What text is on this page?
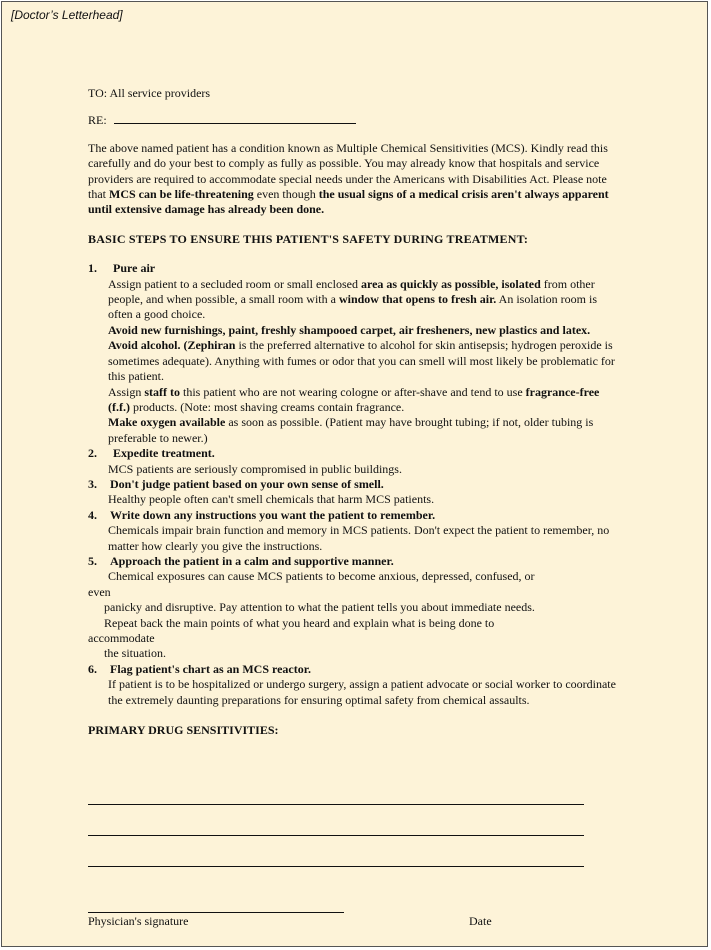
[Doctor’s Letterhead]

TO: All service providers

RE:

The above named patient has a condition known as Multiple Chemical Sensitivities (MCS). Kindly read this carefully and do your best to comply as fully as possible. You may already know that hospitals and service providers are required to accommodate special needs under the Americans with Disabilities Act. Please note that MCS can be life-threatening even though the usual signs of a medical crisis aren't always apparent until extensive damage has already been done.

BASIC STEPS TO ENSURE THIS PATIENT'S SAFETY DURING TREATMENT:

1. Pure air

Assign patient to a secluded room or small enclosed area as quickly as possible, isolated from other people, and when possible, a small room with a window that opens to fresh air. An isolation room is often a good choice.

Avoid new furnishings, paint, freshly shampooed carpet, air fresheners, new plastics and latex. Avoid alcohol. (Zephiran is the preferred alternative to alcohol for skin antisepsis; hydrogen peroxide is sometimes adequate). Anything with fumes or odor that you can smell will most likely be problematic for this patient.

Assign staff to this patient who are not wearing cologne or after-shave and tend to use fragrance-free (f.f.) products. (Note: most shaving creams contain fragrance.

Make oxygen available as soon as possible. (Patient may have brought tubing; if not, older tubing is preferable to newer.)

2. Expedite treatment.

MCS patients are seriously compromised in public buildings.

3. Don't judge patient based on your own sense of smell.

Healthy people often can't smell chemicals that harm MCS patients.

4. Write down any instructions you want the patient to remember.

Chemicals impair brain function and memory in MCS patients. Don't expect the patient to remember, no matter how clearly you give the instructions.

5. Approach the patient in a calm and supportive manner.

Chemical exposures can cause MCS patients to become anxious, depressed, confused, or

even

panicky and disruptive. Pay attention to what the patient tells you about immediate needs.

Repeat back the main points of what you heard and explain what is being done to

accommodate

the situation.

6. Flag patient's chart as an MCS reactor.

If patient is to be hospitalized or undergo surgery, assign a patient advocate or social worker to coordinate the extremely daunting preparations for ensuring optimal safety from chemical assaults.

PRIMARY DRUG SENSITIVITIES:

Physician's signature	Date
